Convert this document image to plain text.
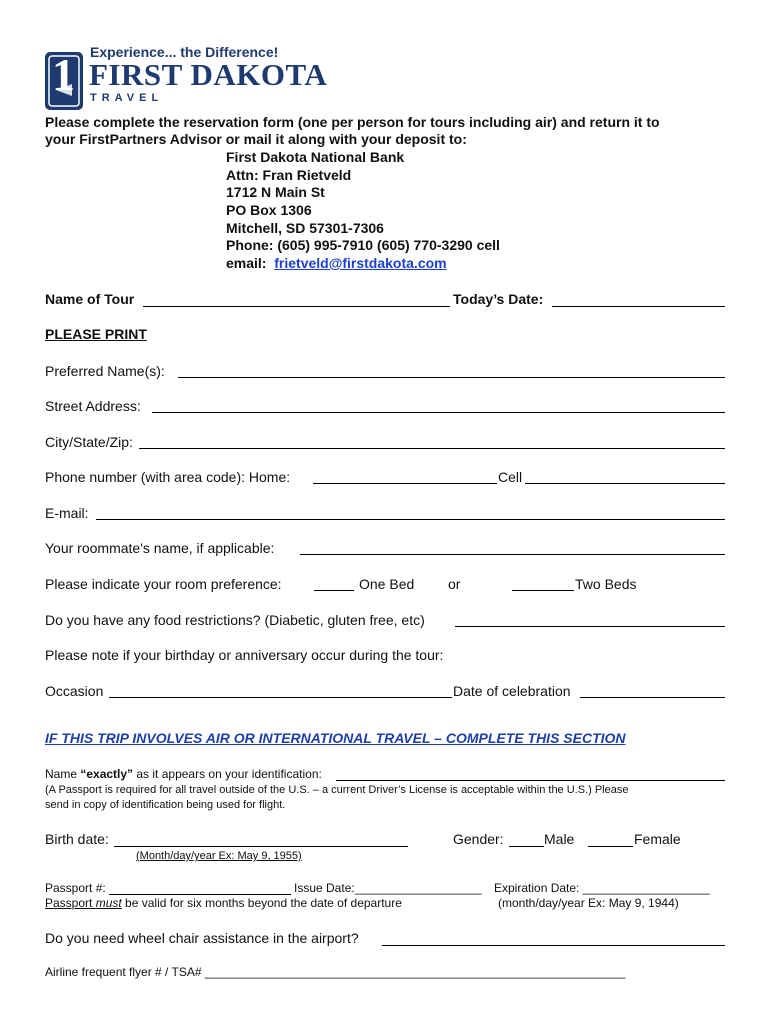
1 Experience... the Difference!
FIRST DAKOTA
TRAVEL
Please complete the reservation form (one per person for tours including air) and return it to
your FirstPartners Advisor or mail it along with your deposit to:
First Dakota National Bank
Attn: Fran Rietveld
1712 N Main St
PO Box 1306
Mitchell, SD 57301-7306
Phone: (605) 995-7910 (605) 770-3290 cell
email: frietveld@firstdakota.com
Name of Tour	Today’s Date:
PLEASE PRINT
Preferred Name(s):
Street Address:
City/State/Zip:
Phone number (with area code): Home:	Cell
E-mail:
Your roommate's name, if applicable:
Please indicate your room preference:	One Bed or	Two Beds
Do you have any food restrictions? (Diabetic, gluten free, etc)
Please note if your birthday or anniversary occur during the tour:
Occasion	Date of celebration
IF THIS TRIP INVOLVES AIR OR INTERNATIONAL TRAVEL – COMPLETE THIS SECTION
Name “exactly” as it appears on your identification:
(A Passport is required for all travel outside of the U.S. – a current Driver’s License is acceptable within the U.S.) Please
send in copy of identification being used for flight.
Birth date:
(Month/day/year Ex: May 9, 1955)
Gender:	Male	Female
Passport #:	Issue Date:___________________ Expiration Date: ___________________
Passport must be valid for six months beyond the date of departure	(month/day/year Ex: May 9, 1944)
Do you need wheel chair assistance in the airport?
Airline frequent flyer # / TSA# _______________________________________________________________
